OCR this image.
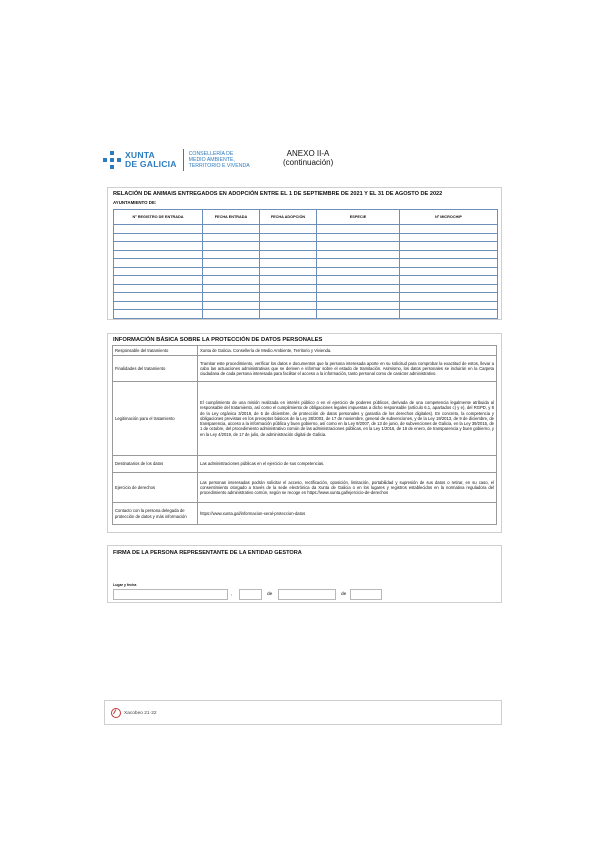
XUNTA
DE GALICIA
CONSELLERÍA DE
MEDIO AMBIENTE,
TERRITORIO E VIVENDA
ANEXO II-A
(continuación)
RELACIÓN DE ANIMAIS ENTREGADOS EN ADOPCIÓN ENTRE EL 1 DE SEPTIEMBRE DE 2021 Y EL 31 DE AGOSTO DE 2022
AYUNTAMIENTO DE:
Nº REGISTRO DE ENTRADA	FECHA ENTRADA	FECHA ADOPCIÓN	ESPECIE	Nº MICROCHIP

INFORMACIÓN BÁSICA SOBRE LA PROTECCIÓN DE DATOS PERSONALES
Responsable del tratamiento	Xunta de Galicia. Consellería de Medio Ambiente, Territorio y Vivienda.
Finalidades del tratamiento	Tramitar este procedimiento, verificar los datos e documentos que la persona interesada aporte en su solicitud para comprobar la exactitud de estos, llevar a cabo las actuaciones administrativas que se deriven e informar sobre el estado de tramitación. Asimismo, los datos personales se incluirán en la Carpeta ciudadana de cada persona interesada para facilitar el acceso a la información, tanto personal como de carácter administrativo.
Legitimación para el tratamiento	El cumplimiento de una misión realizada en interés público o en el ejercicio de poderes públicos, derivada de una competencia legalmente atribuida al responsable del tratamiento, así como el cumplimiento de obligaciones legales impuestas a dicho responsable (artículo 6.1, apartados c) y e), del RGPD, y 8 de la Ley orgánica 3/2018, de 5 de diciembre, de protección de datos personales y garantía de los derechos digitales). En concreto, la competencia y obligaciones previstas en los preceptos básicos de la Ley 38/2003, de 17 de noviembre, general de subvenciones, y de la Ley 19/2013, de 9 de diciembre, de transparencia, acceso a la información pública y buen gobierno, así como en la Ley 9/2007, de 13 de junio, de subvenciones de Galicia, en la Ley 39/2015, de 1 de octubre, del procedimiento administrativo común de las administraciones públicas, en la Ley 1/2016, de 18 de enero, de transparencia y buen gobierno, y en la Ley 4/2019, de 17 de julio, de administración digital de Galicia.
Destinatarios de los datos	Las administraciones públicas en el ejercicio de sus competencias.
Ejercicio de derechos	Las personas interesadas podrán solicitar el acceso, rectificación, oposición, limitación, portabilidad y supresión de sus datos o retirar, en su caso, el consentimiento otorgado a través de la sede electrónica da Xunta de Galicia o en los lugares y registros establecidos en la normativa reguladora del procedimiento administrativo común, según se recoge en https://www.xunta.gal/ejercicio-de-derechos
Contacto con la persona delegada de protección de datos y más información	https://www.xunta.gal/informacion-xeral-proteccion-datos
FIRMA DE LA PERSONA REPRESENTANTE DE LA ENTIDAD GESTORA
Lugar y fecha
,	de	de
Xacobeo 21·22
